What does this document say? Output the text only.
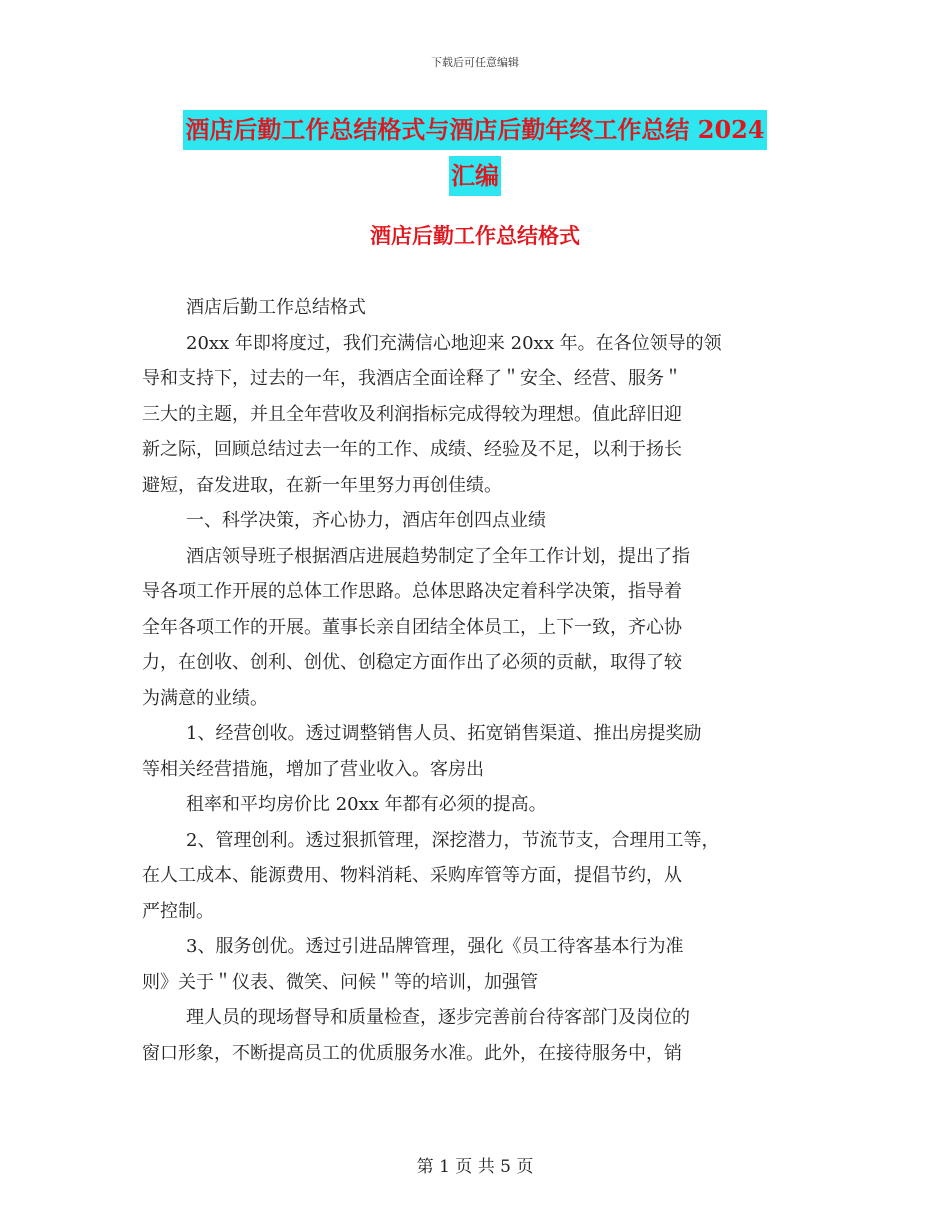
下载后可任意编辑
酒店后勤工作总结格式与酒店后勤年终工作总结 2024
汇编
酒店后勤工作总结格式
酒店后勤工作总结格式
20xx 年即将度过，我们充满信心地迎来 20xx 年。在各位领导的领
导和支持下，过去的一年，我酒店全面诠释了＂安全、经营、服务＂
三大的主题，并且全年营收及利润指标完成得较为理想。值此辞旧迎
新之际，回顾总结过去一年的工作、成绩、经验及不足，以利于扬长
避短，奋发进取，在新一年里努力再创佳绩。
一、科学决策，齐心协力，酒店年创四点业绩
酒店领导班子根据酒店进展趋势制定了全年工作计划，提出了指
导各项工作开展的总体工作思路。总体思路决定着科学决策，指导着
全年各项工作的开展。董事长亲自团结全体员工，上下一致，齐心协
力，在创收、创利、创优、创稳定方面作出了必须的贡献，取得了较
为满意的业绩。
1、经营创收。透过调整销售人员、拓宽销售渠道、推出房提奖励
等相关经营措施，增加了营业收入。客房出
租率和平均房价比 20xx 年都有必须的提高。
2、管理创利。透过狠抓管理，深挖潜力，节流节支，合理用工等，
在人工成本、能源费用、物料消耗、采购库管等方面，提倡节约，从
严控制。
3、服务创优。透过引进品牌管理，强化《员工待客基本行为准
则》关于＂仪表、微笑、问候＂等的培训，加强管
理人员的现场督导和质量检查，逐步完善前台待客部门及岗位的
窗口形象，不断提高员工的优质服务水准。此外，在接待服务中，销
第 1 页 共 5 页
